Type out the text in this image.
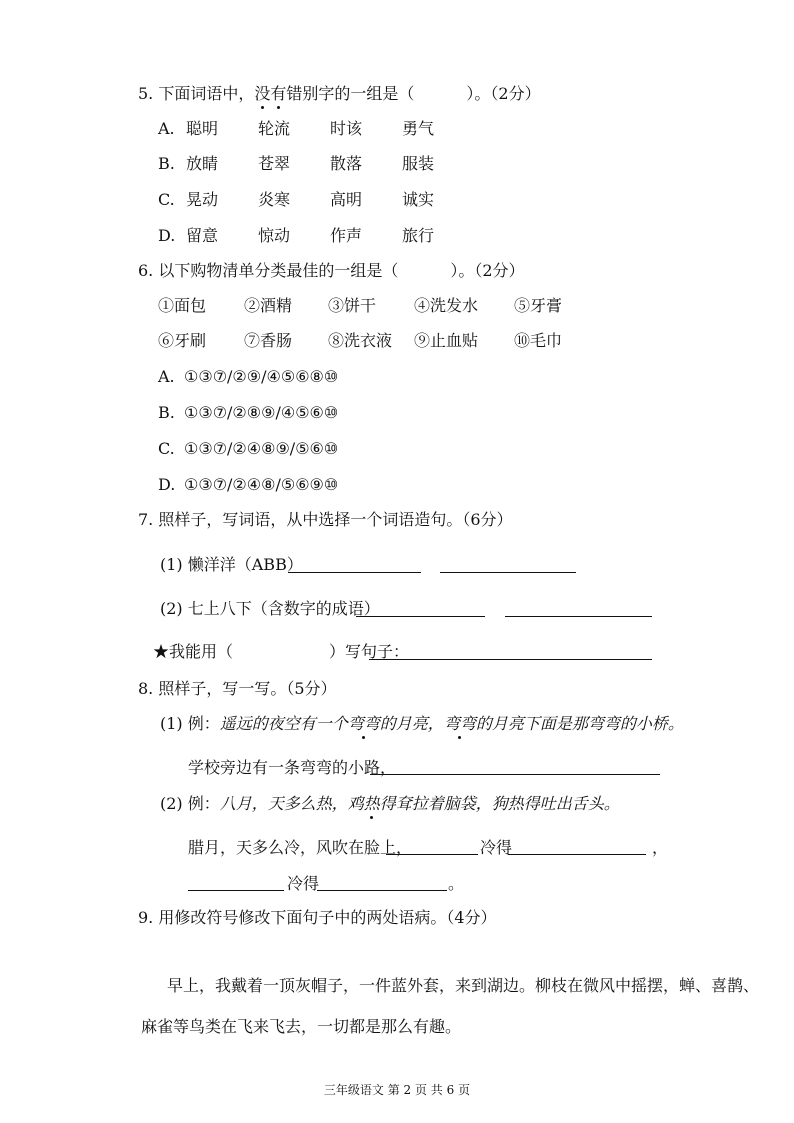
5. 下面词语中，没有错别字的一组是（	）。（2分）
A. 聪明 轮流 时该 勇气
B. 放睛 苍翠 散落 服装
C. 晃动 炎寒 高明 诚实
D. 留意 惊动 作声 旅行
6. 以下购物清单分类最佳的一组是（	）。（2分）
①面包 ②酒精 ③饼干 ④洗发水 ⑤牙膏
⑥牙刷 ⑦香肠 ⑧洗衣液 ⑨止血贴 ⑩毛巾
A. ①③⑦/②⑨/④⑤⑥⑧⑩
B. ①③⑦/②⑧⑨/④⑤⑥⑩
C. ①③⑦/②④⑧⑨/⑤⑥⑩
D. ①③⑦/②④⑧/⑤⑥⑨⑩
7. 照样子，写词语，从中选择一个词语造句。（6分）
(1) 懒洋洋（ABB）
(2) 七上八下（含数字的成语）
★我能用（	）写句子：
8. 照样子，写一写。（5分）
(1) 例：遥远的夜空有一个弯弯的月亮，弯弯的月亮下面是那弯弯的小桥。
学校旁边有一条弯弯的小路，
(2) 例：八月，天多么热，鸡热得耷拉着脑袋，狗热得吐出舌头。
腊月，天多么冷，风吹在脸上，	冷得	，
冷得	。
9. 用修改符号修改下面句子中的两处语病。（4分）
早上，我戴着一顶灰帽子，一件蓝外套，来到湖边。柳枝在微风中摇摆，蝉、喜鹊、
麻雀等鸟类在飞来飞去，一切都是那么有趣。
三年级语文 第 2 页 共 6 页
